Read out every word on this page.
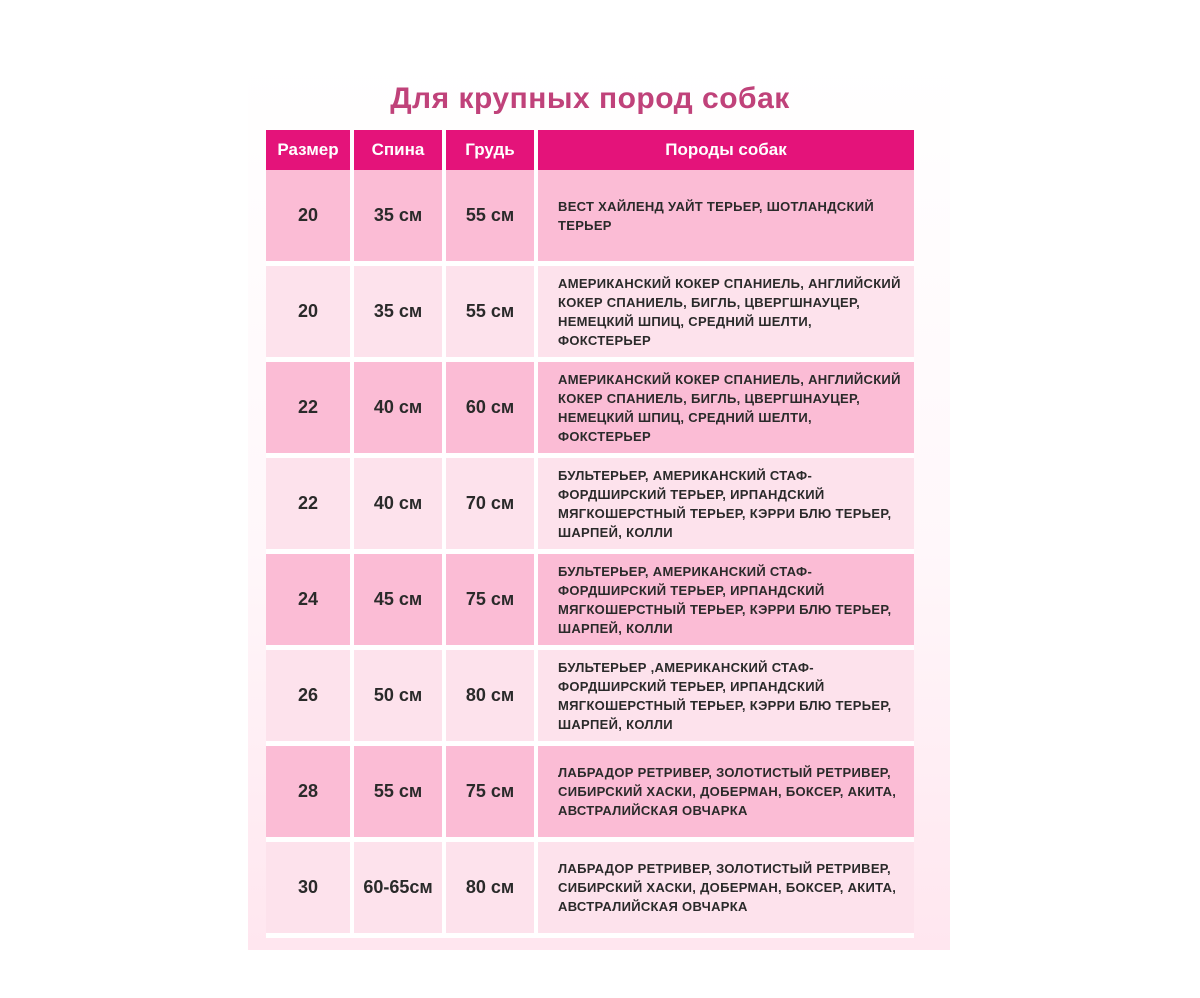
Для крупных пород собак
Размер	Спина	Грудь	Породы собак
20	35 см	55 см	ВЕСТ ХАЙЛЕНД УАЙТ ТЕРЬЕР, ШОТЛАНДСКИЙ ТЕРЬЕР
20	35 см	55 см	АМЕРИКАНСКИЙ КОКЕР СПАНИЕЛЬ, АНГЛИЙСКИЙ КОКЕР СПАНИЕЛЬ, БИГЛЬ, ЦВЕРГШНАУЦЕР, НЕМЕЦКИЙ ШПИЦ, СРЕДНИЙ ШЕЛТИ, ФОКСТЕРЬЕР
22	40 см	60 см	АМЕРИКАНСКИЙ КОКЕР СПАНИЕЛЬ, АНГЛИЙСКИЙ КОКЕР СПАНИЕЛЬ, БИГЛЬ, ЦВЕРГШНАУЦЕР, НЕМЕЦКИЙ ШПИЦ, СРЕДНИЙ ШЕЛТИ, ФОКСТЕРЬЕР
22	40 см	70 см	БУЛЬТЕРЬЕР, АМЕРИКАНСКИЙ СТАФ-ФОРДШИРСКИЙ ТЕРЬЕР, ИРПАНДСКИЙ МЯГКОШЕРСТНЫЙ ТЕРЬЕР, КЭРРИ БЛЮ ТЕРЬЕР, ШАРПЕЙ, КОЛЛИ
24	45 см	75 см	БУЛЬТЕРЬЕР, АМЕРИКАНСКИЙ СТАФ-ФОРДШИРСКИЙ ТЕРЬЕР, ИРПАНДСКИЙ МЯГКОШЕРСТНЫЙ ТЕРЬЕР, КЭРРИ БЛЮ ТЕРЬЕР, ШАРПЕЙ, КОЛЛИ
26	50 см	80 см	БУЛЬТЕРЬЕР ,АМЕРИКАНСКИЙ СТАФ-ФОРДШИРСКИЙ ТЕРЬЕР, ИРПАНДСКИЙ МЯГКОШЕРСТНЫЙ ТЕРЬЕР, КЭРРИ БЛЮ ТЕРЬЕР, ШАРПЕЙ, КОЛЛИ
28	55 см	75 см	ЛАБРАДОР РЕТРИВЕР, ЗОЛОТИСТЫЙ РЕТРИВЕР, СИБИРСКИЙ ХАСКИ, ДОБЕРМАН, БОКСЕР, АКИТА, АВСТРАЛИЙСКАЯ ОВЧАРКА
30	60-65см	80 см	ЛАБРАДОР РЕТРИВЕР, ЗОЛОТИСТЫЙ РЕТРИВЕР, СИБИРСКИЙ ХАСКИ, ДОБЕРМАН, БОКСЕР, АКИТА, АВСТРАЛИЙСКАЯ ОВЧАРКА
